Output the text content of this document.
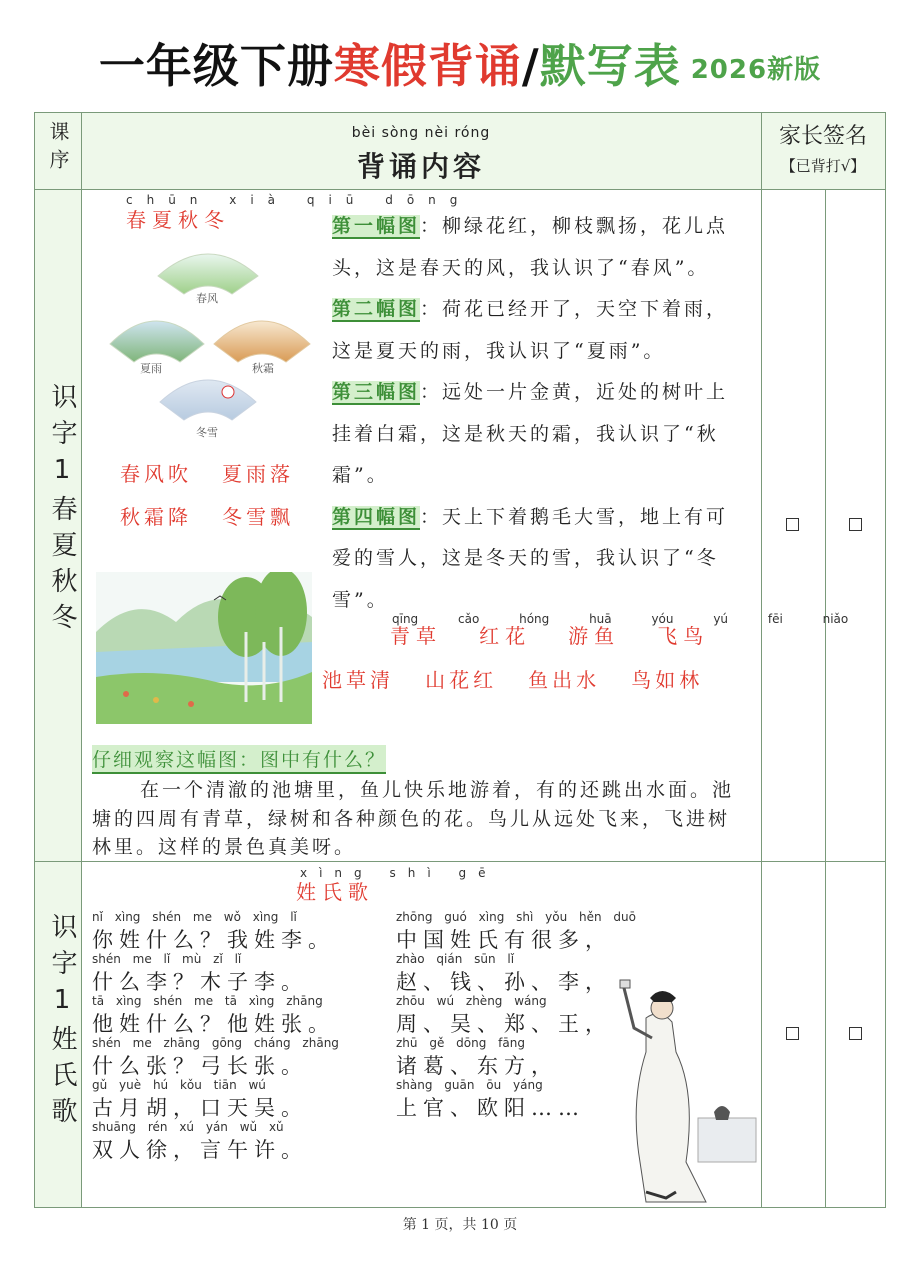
一年级下册寒假背诵/默写表 2026新版
课序	bèi sòng nèi róng
背诵内容
家长签名
【已背打√】
识字1春夏秋冬
识字1姓氏歌
chūn xià qiū dōng
春夏秋冬
春风
夏雨	秋霜
冬雪
第一幅图：柳绿花红，柳枝飘扬，花儿点头，这是春天的风，我认识了“春风”。
第二幅图：荷花已经开了，天空下着雨，这是夏天的雨，我认识了“夏雨”。
第三幅图：远处一片金黄，近处的树叶上挂着白霜，这是秋天的霜，我认识了“秋霜”。
第四幅图：天上下着鹅毛大雪，地上有可爱的雪人，这是冬天的雪，我认识了“冬雪”。
春风吹 夏雨落
秋霜降 冬雪飘
qīng cǎo hóng huā yóu yú fēi niǎo
青草 红花 游鱼 飞鸟
池草清 山花红 鱼出水 鸟如林
仔细观察这幅图：图中有什么？
在一个清澈的池塘里，鱼儿快乐地游着，有的还跳出水面。池塘的四周有青草，绿树和各种颜色的花。鸟儿从远处飞来，飞进树林里。这样的景色真美呀。
xìng shì gē
姓氏歌
nǐ xìng shén me wǒ xìng lǐ
你姓什么？我姓李。
shén me lǐ mù zǐ lǐ
什么李？木子李。
tā xìng shén me tā xìng zhāng
他姓什么？他姓张。
shén me zhāng gōng cháng zhāng
什么张？弓长张。
gǔ yuè hú kǒu tiān wú
古月胡，口天吴。
shuāng rén xú yán wǔ xǔ
双人徐，言午许。
zhōng guó xìng shì yǒu hěn duō
中国姓氏有很多，
zhào qián sūn lǐ
赵、钱、孙、李，
zhōu wú zhèng wáng
周、吴、郑、王，
zhū gě dōng fāng
诸葛、东方，
shàng guān ōu yáng
上官、欧阳……
第 1 页，共 10 页
